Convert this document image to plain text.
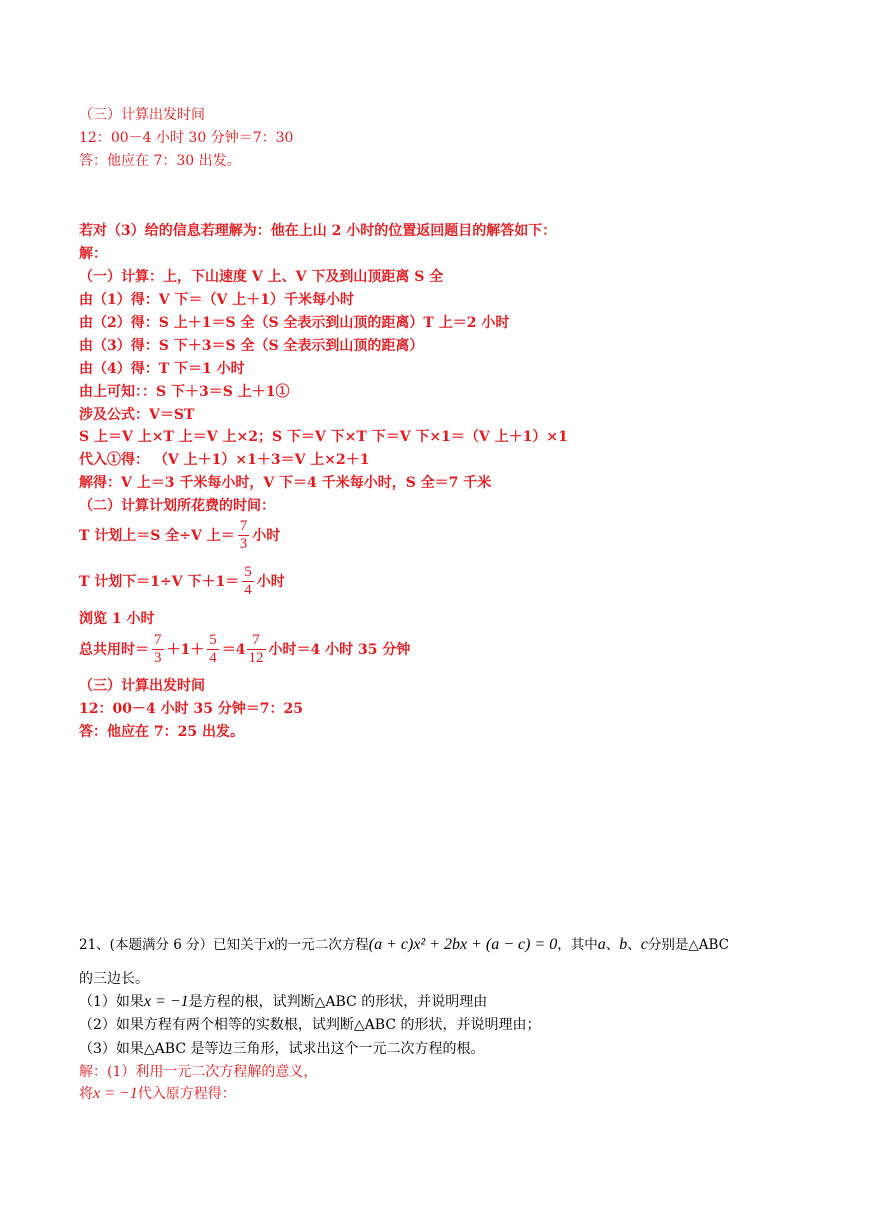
（三）计算出发时间
12：00－4 小时 30 分钟＝7：30
答：他应在 7：30 出发。
若对（3）给的信息若理解为：他在上山 2 小时的位置返回题目的解答如下：
解：
（一）计算：上，下山速度 V 上、V 下及到山顶距离 S 全
由（1）得：V 下＝（V 上＋1）千米每小时
由（2）得：S 上＋1＝S 全（S 全表示到山顶的距离）T 上＝2 小时
由（3）得：S 下＋3＝S 全（S 全表示到山顶的距离）
由（4）得：T 下＝1 小时
由上可知：：S 下＋3＝S 上＋1①
涉及公式：V＝ST
S 上＝V 上×T 上＝V 上×2；S 下＝V 下×T 下＝V 下×1＝（V 上＋1）×1
代入①得： （V 上＋1）×1＋3＝V 上×2＋1
解得：V 上＝3 千米每小时，V 下＝4 千米每小时，S 全＝7 千米
（二）计算计划所花费的时间：
T 计划上＝S 全÷V 上＝ $\frac{7}{3}$ 小时
T 计划下＝1÷V 下$+1= \frac{5}{4}$ 小时
浏览 1 小时
总共用时＝ $\frac{7}{3} +1+ \frac{5}{4} =4 \frac{7}{12}$ 小时＝4 小时 35 分钟
（三）计算出发时间
12：00－4 小时 35 分钟＝7：25
答：他应在 7：25 出发。
21、(本题满分 6 分）已知关于x的一元二次方程(a + c)x² + 2bx + (a − c) = 0，其中a、b、c分别是△ABC
的三边长。
（1）如果x = −1是方程的根，试判断△ABC 的形状，并说明理由
（2）如果方程有两个相等的实数根，试判断△ABC 的形状，并说明理由；
（3）如果△ABC 是等边三角形，试求出这个一元二次方程的根。
解：(1）利用一元二次方程解的意义，
将x = −1代入原方程得：
